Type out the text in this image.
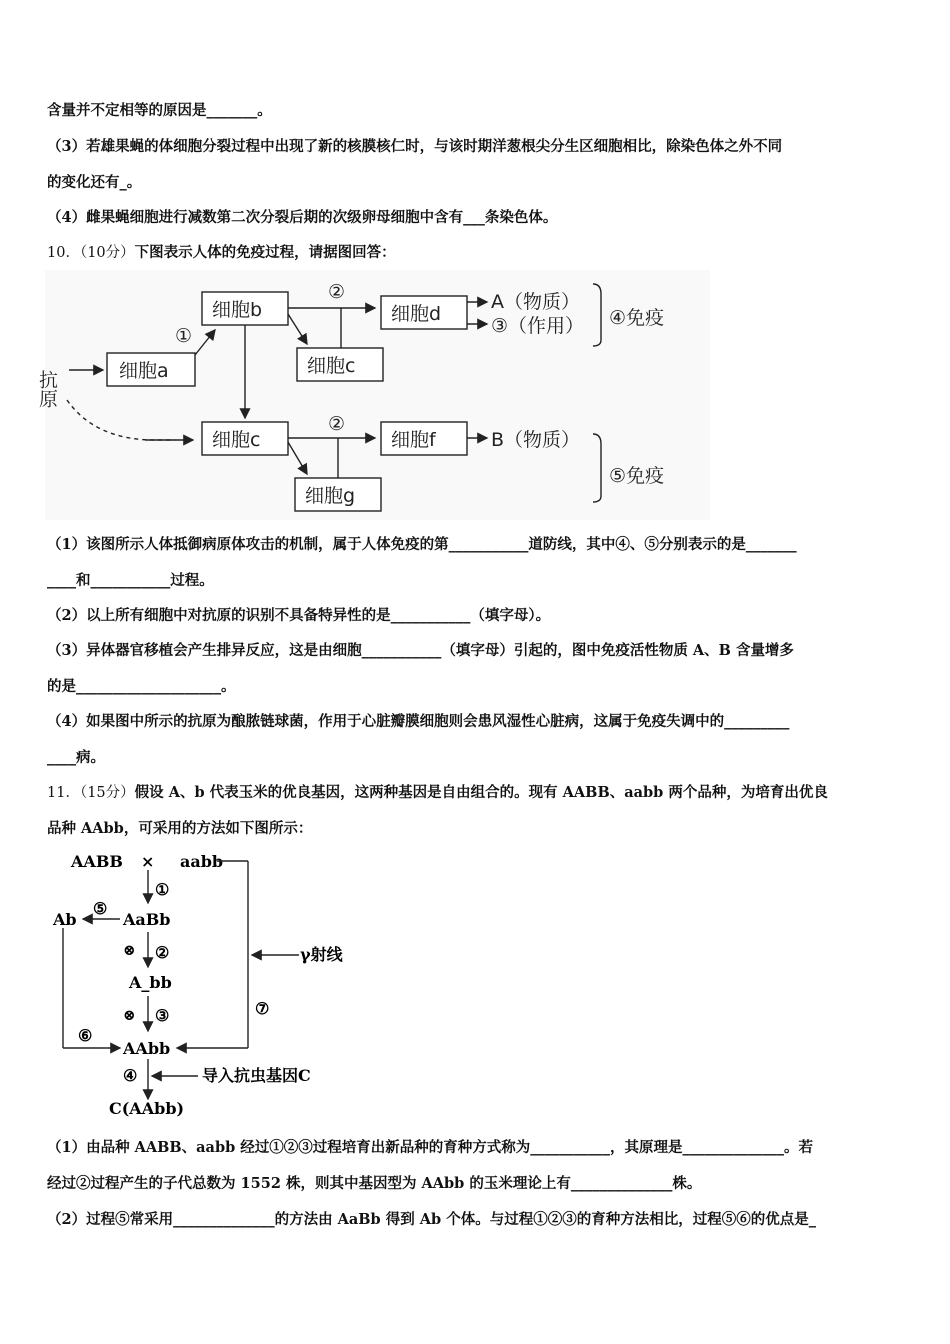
含量并不定相等的原因是_______。
（3）若雄果蝇的体细胞分裂过程中出现了新的核膜核仁时，与该时期洋葱根尖分生区细胞相比，除染色体之外不同
的变化还有_。
（4）雌果蝇细胞进行减数第二次分裂后期的次级卵母细胞中含有___条染色体。
10．（10分）下图表示人体的免疫过程，请据图回答：
抗原	细胞a
①
细胞b
②
细胞d
细胞c
A（物质）
③（作用） ④免疫
细胞c
②
细胞f
细胞g
B（物质）
⑤免疫
（1）该图所示人体抵御病原体攻击的机制，属于人体免疫的第___________道防线，其中④、⑤分别表示的是_______
____和___________过程。
（2）以上所有细胞中对抗原的识别不具备特异性的是___________（填字母）。
（3）异体器官移植会产生排异反应，这是由细胞___________（填字母）引起的，图中免疫活性物质 A、B 含量增多
的是____________________。
（4）如果图中所示的抗原为酿脓链球菌，作用于心脏瓣膜细胞则会患风湿性心脏病，这属于免疫失调中的_________
____病。
11．（15分）假设 A、b 代表玉米的优良基因，这两种基因是自由组合的。现有 AABB、aabb 两个品种，为培育出优良
品种 AAbb，可采用的方法如下图所示：
AABB × aabb
①
AaBb
⑤
Ab
⊗ ②
A_bb
⊗ ③
AAbb
⑥
⑦
γ射线
④	导入抗虫基因C
C(AAbb)
（1）由品种 AABB、aabb 经过①②③过程培育出新品种的育种方式称为___________，其原理是______________。若
经过②过程产生的子代总数为 1552 株，则其中基因型为 AAbb 的玉米理论上有______________株。
（2）过程⑤常采用______________的方法由 AaBb 得到 Ab 个体。与过程①②③的育种方法相比，过程⑤⑥的优点是_
